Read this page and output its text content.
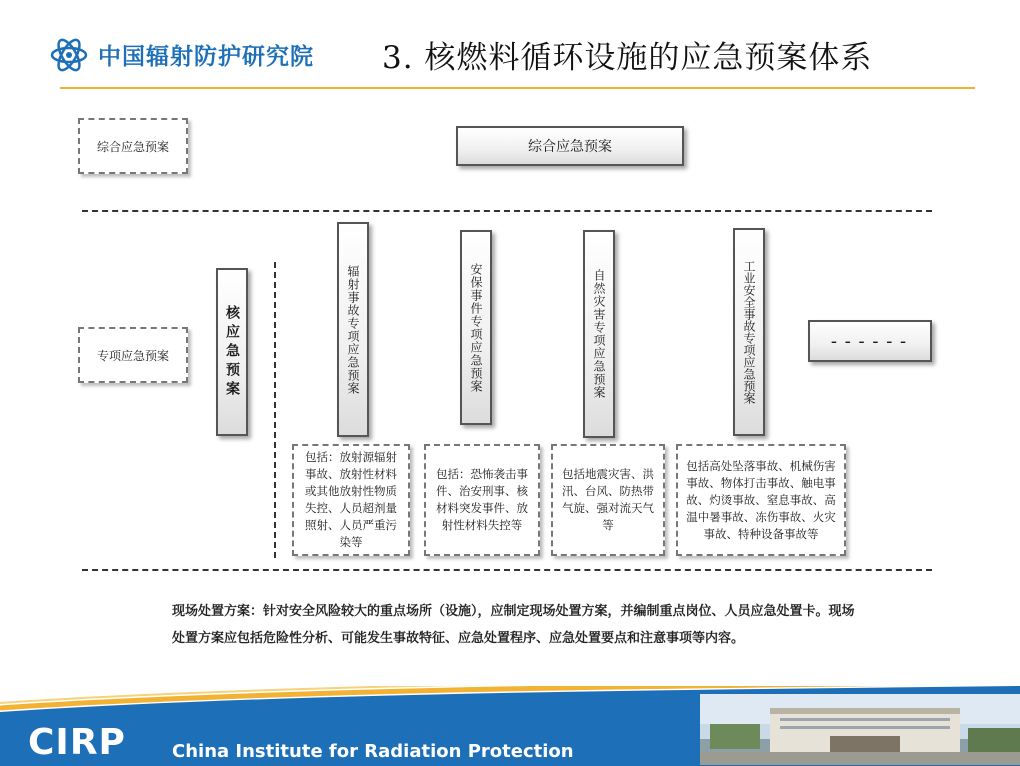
中国辐射防护研究院 3. 核燃料循环设施的应急预案体系
综合应急预案
专项应急预案
综合应急预案
核应急预案	辐射事故专项应急预案	安保事件专项应急预案	自然灾害专项应急预案	工业安全事故专项应急预案	------
包括：放射源辐射事故、放射性材料或其他放射性物质失控、人员超剂量照射、人员严重污染等
包括：恐怖袭击事件、治安刑事、核材料突发事件、放射性材料失控等
包括地震灾害、洪汛、台风、防热带气旋、强对流天气等
包括高处坠落事故、机械伤害事故、物体打击事故、触电事故、灼烫事故、窒息事故、高温中暑事故、冻伤事故、火灾事故、特种设备事故等
现场处置方案：针对安全风险较大的重点场所（设施），应制定现场处置方案，并编制重点岗位、人员应急处置卡。现场处置方案应包括危险性分析、可能发生事故特征、应急处置程序、应急处置要点和注意事项等内容。
CIRP	China Institute for Radiation Protection
